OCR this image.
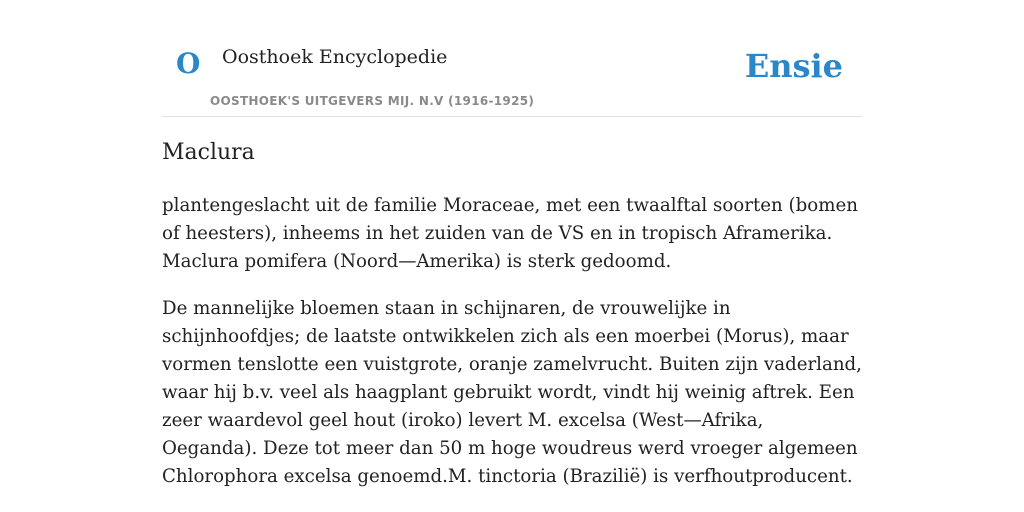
O Oosthoek Encyclopedie
OOSTHOEK'S UITGEVERS MIJ. N.V (1916-1925)
Ensie
Maclura

plantengeslacht uit de familie Moraceae, met een twaalftal soorten (bomen of heesters), inheems in het zuiden van de VS en in tropisch Aframerika. Maclura pomifera (Noord—Amerika) is sterk gedoomd.

De mannelijke bloemen staan in schijnaren, de vrouwelijke in schijnhoofdjes; de laatste ontwikkelen zich als een moerbei (Morus), maar vormen tenslotte een vuistgrote, oranje zamelvrucht. Buiten zijn vaderland, waar hij b.v. veel als haagplant gebruikt wordt, vindt hij weinig aftrek. Een zeer waardevol geel hout (iroko) levert M. excelsa (West—Afrika, Oeganda). Deze tot meer dan 50 m hoge woudreus werd vroeger algemeen Chlorophora excelsa genoemd.M. tinctoria (Brazilië) is verfhoutproducent.
